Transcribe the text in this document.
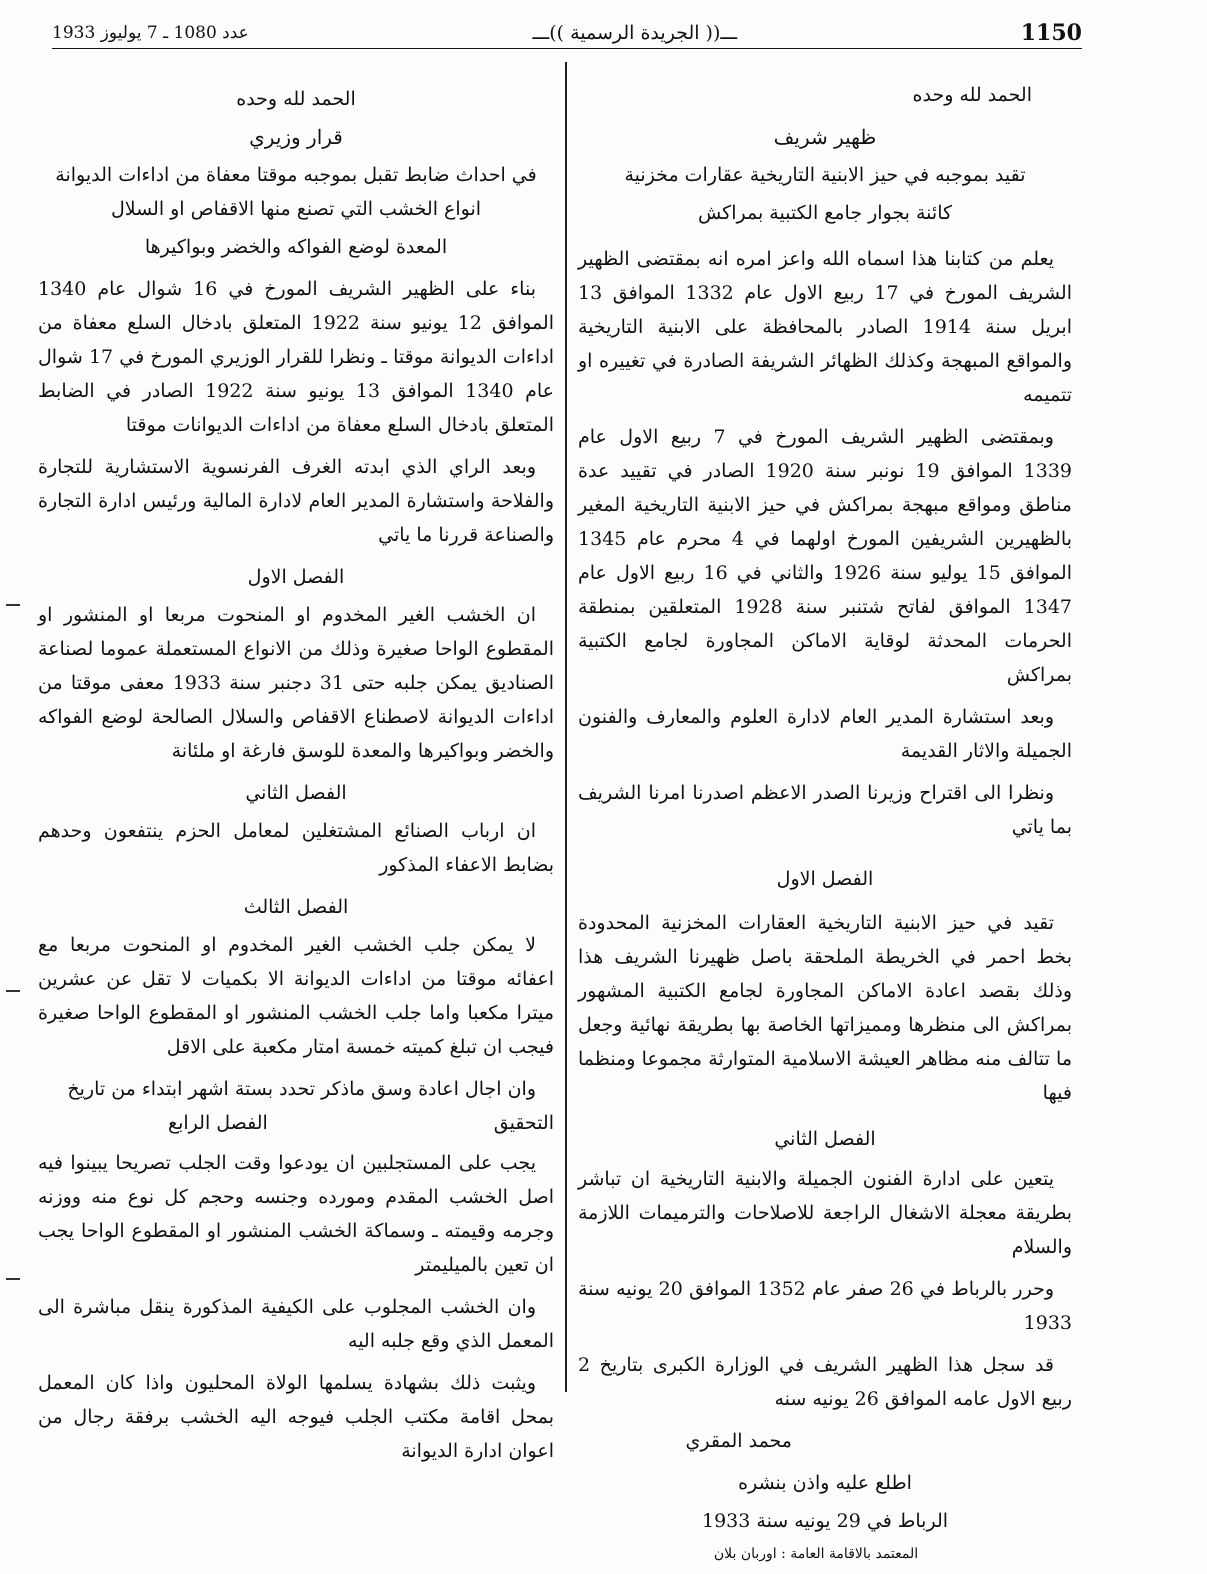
عدد 1080 ـ 7 يوليوز 1933	ـــ(( الجريدة الرسمية ))ـــ	1150

الحمد لله وحده

ظهير شريف

تقيد بموجبه في حيز الابنية التاريخية عقارات مخزنية

كائنة بجوار جامع الكتبية بمراكش

يعلم من كتابنا هذا اسماه الله واعز امره انه بمقتضى الظهير الشريف المورخ في 17 ربيع الاول عام 1332 الموافق 13 ابريل سنة 1914 الصادر بالمحافظة على الابنية التاريخية والمواقع المبهجة وكذلك الظهائر الشريفة الصادرة في تغييره او تتميمه

وبمقتضى الظهير الشريف المورخ في 7 ربيع الاول عام 1339 الموافق 19 نونبر سنة 1920 الصادر في تقييد عدة مناطق ومواقع مبهجة بمراكش في حيز الابنية التاريخية المغير بالظهيرين الشريفين المورخ اولهما في 4 محرم عام 1345 الموافق 15 يوليو سنة 1926 والثاني في 16 ربيع الاول عام 1347 الموافق لفاتح شتنبر سنة 1928 المتعلقين بمنطقة الحرمات المحدثة لوقاية الاماكن المجاورة لجامع الكتبية بمراكش

وبعد استشارة المدير العام لادارة العلوم والمعارف والفنون الجميلة والاثار القديمة

ونظرا الى اقتراح وزيرنا الصدر الاعظم اصدرنا امرنا الشريف بما ياتي

الفصل الاول

تقيد في حيز الابنية التاريخية العقارات المخزنية المحدودة بخط احمر في الخريطة الملحقة باصل ظهيرنا الشريف هذا وذلك بقصد اعادة الاماكن المجاورة لجامع الكتبية المشهور بمراكش الى منظرها ومميزاتها الخاصة بها بطريقة نهائية وجعل ما تتالف منه مظاهر العيشة الاسلامية المتوارثة مجموعا ومنظما فيها

الفصل الثاني

يتعين على ادارة الفنون الجميلة والابنية التاريخية ان تباشر بطريقة معجلة الاشغال الراجعة للاصلاحات والترميمات اللازمة والسلام

وحرر بالرباط في 26 صفر عام 1352 الموافق 20 يونيه سنة 1933

قد سجل هذا الظهير الشريف في الوزارة الكبرى بتاريخ 2 ربيع الاول عامه الموافق 26 يونيه سنه

محمد المقري

اطلع عليه واذن بنشره

الرباط في 29 يونيه سنة 1933

المعتمد بالاقامة العامة : اوربان بلان

الحمد لله وحده

قرار وزيري

في احداث ضابط تقبل بموجبه موقتا معفاة من اداءات الديوانة

انواع الخشب التي تصنع منها الاقفاص او السلال

المعدة لوضع الفواكه والخضر وبواكيرها

بناء على الظهير الشريف المورخ في 16 شوال عام 1340 الموافق 12 يونيو سنة 1922 المتعلق بادخال السلع معفاة من اداءات الديوانة موقتا ـ ونظرا للقرار الوزيري المورخ في 17 شوال عام 1340 الموافق 13 يونيو سنة 1922 الصادر في الضابط المتعلق بادخال السلع معفاة من اداءات الديوانات موقتا

وبعد الراي الذي ابدته الغرف الفرنسوية الاستشارية للتجارة والفلاحة واستشارة المدير العام لادارة المالية ورئيس ادارة التجارة والصناعة قررنا ما ياتي

الفصل الاول

ان الخشب الغير المخدوم او المنحوت مربعا او المنشور او المقطوع الواحا صغيرة وذلك من الانواع المستعملة عموما لصناعة الصناديق يمكن جلبه حتى 31 دجنبر سنة 1933 معفى موقتا من اداءات الديوانة لاصطناع الاقفاص والسلال الصالحة لوضع الفواكه والخضر وبواكيرها والمعدة للوسق فارغة او ملئانة

الفصل الثاني

ان ارباب الصنائع المشتغلين لمعامل الحزم ينتفعون وحدهم بضابط الاعفاء المذكور

الفصل الثالث

لا يمكن جلب الخشب الغير المخدوم او المنحوت مربعا مع اعفائه موقتا من اداءات الديوانة الا بكميات لا تقل عن عشرين ميترا مكعبا واما جلب الخشب المنشور او المقطوع الواحا صغيرة فيجب ان تبلغ كميته خمسة امتار مكعبة على الاقل

وان اجال اعادة وسق ماذكر تحدد بستة اشهر ابتداء من تاريخ

التحقيق
الفصل الرابع

يجب على المستجلبين ان يودعوا وقت الجلب تصريحا يبينوا فيه اصل الخشب المقدم ومورده وجنسه وحجم كل نوع منه ووزنه وجرمه وقيمته ـ وسماكة الخشب المنشور او المقطوع الواحا يجب ان تعين بالميليمتر

وان الخشب المجلوب على الكيفية المذكورة ينقل مباشرة الى المعمل الذي وقع جلبه اليه

ويثبت ذلك بشهادة يسلمها الولاة المحليون واذا كان المعمل بمحل اقامة مكتب الجلب فيوجه اليه الخشب برفقة رجال من اعوان ادارة الديوانة
